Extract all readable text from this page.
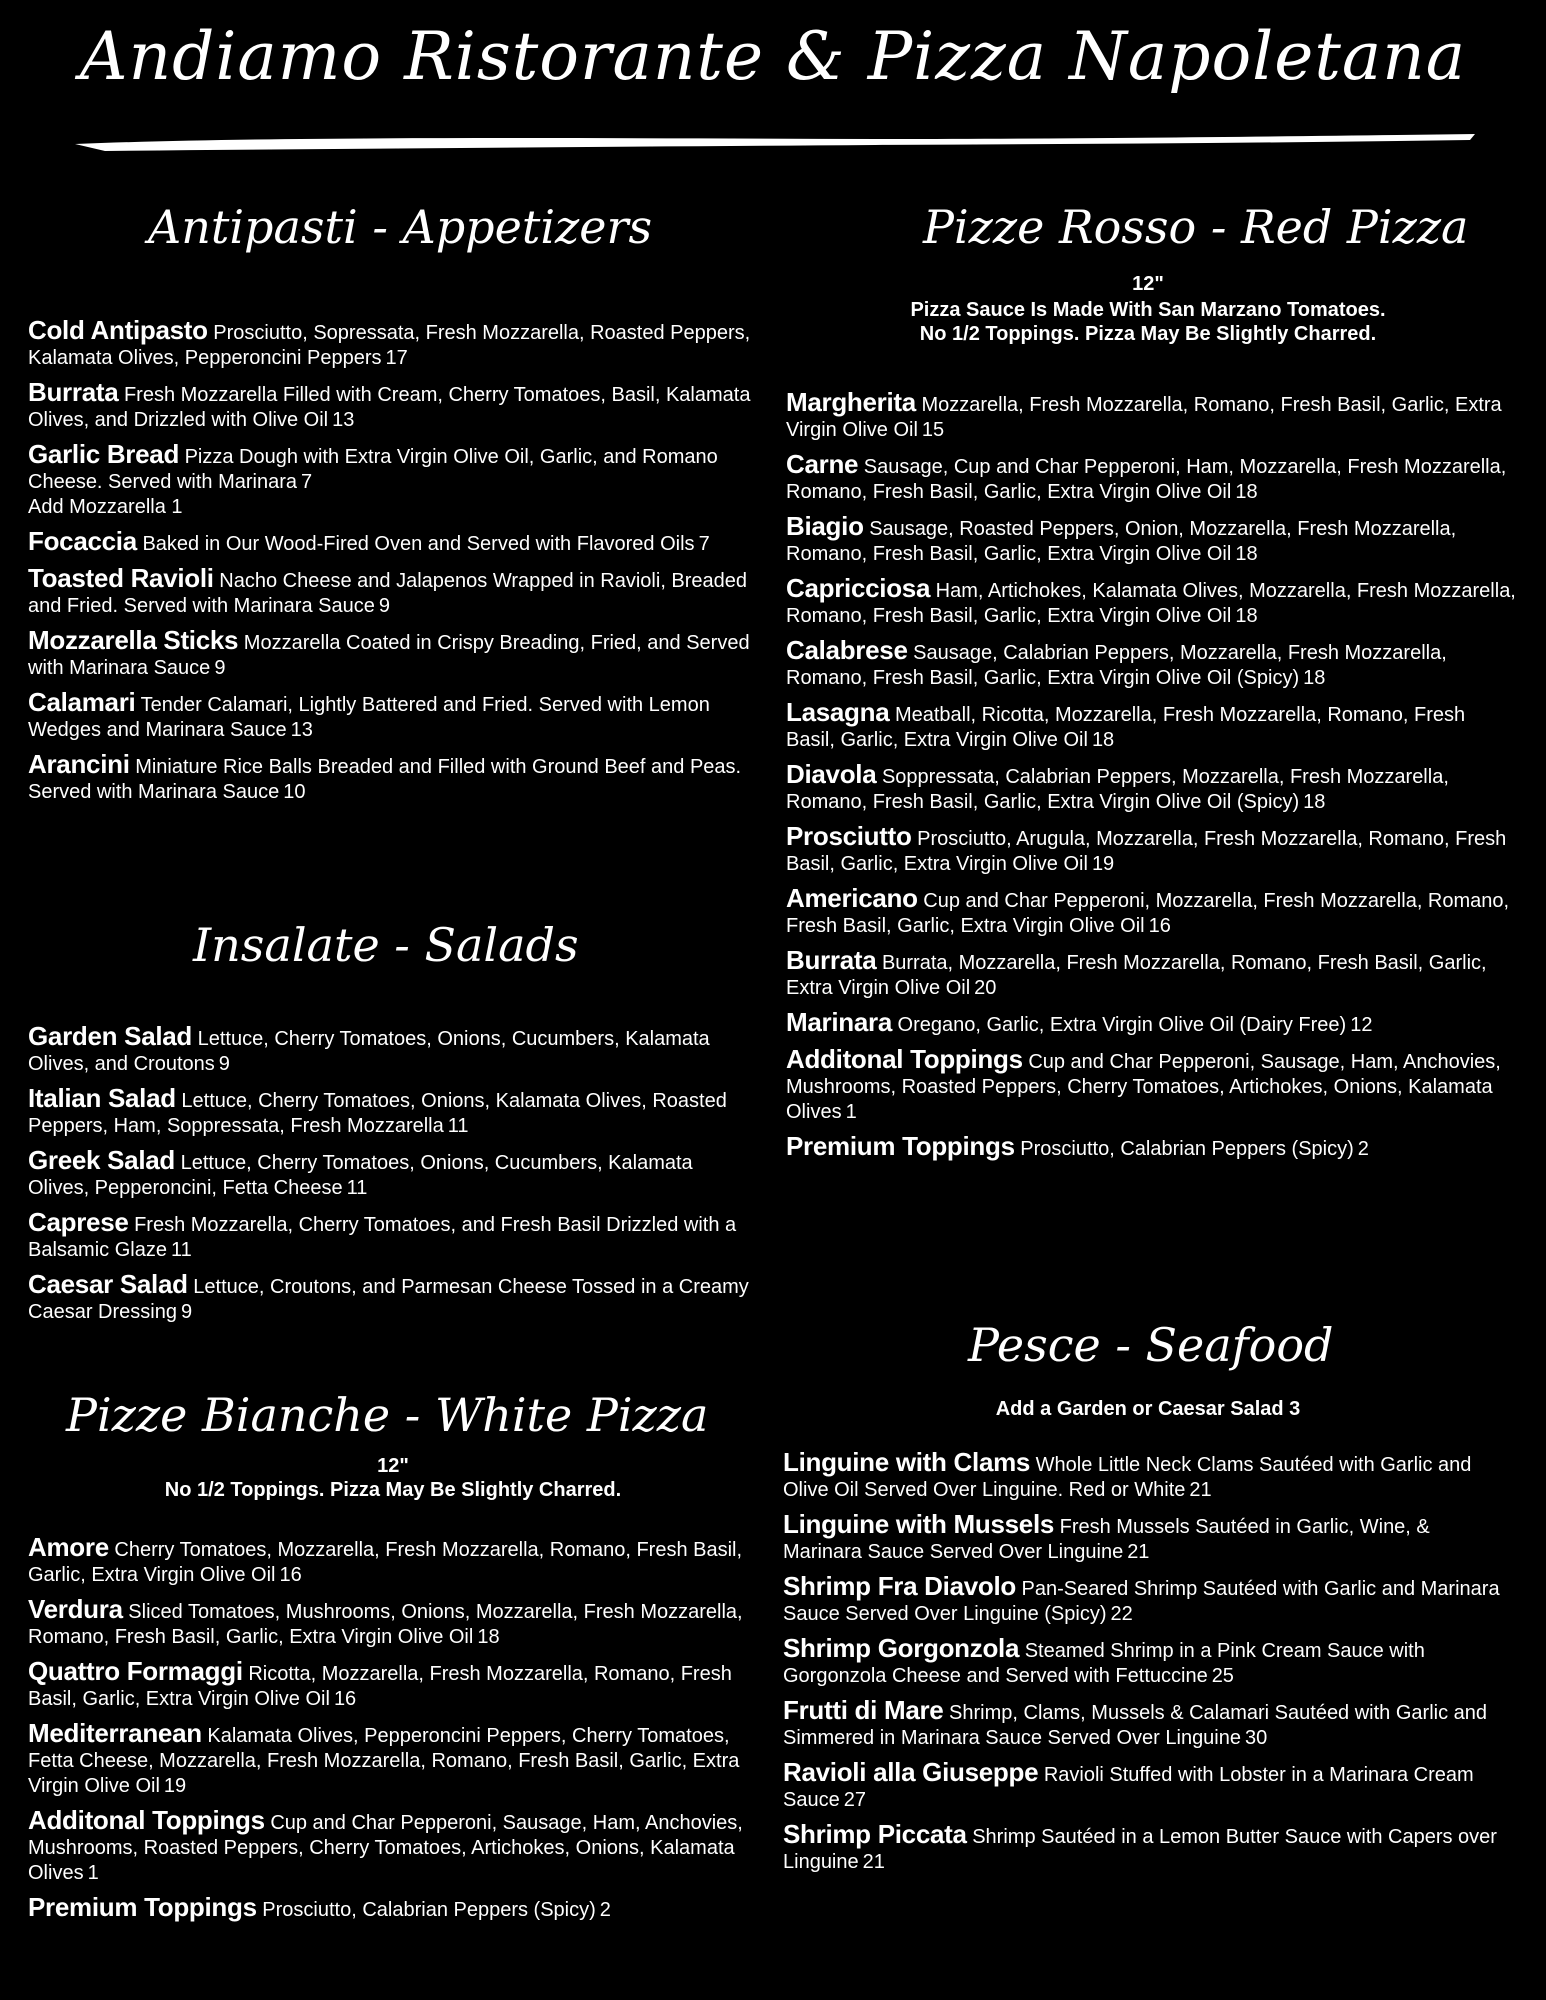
Andiamo Ristorante & Pizza Napoletana
Antipasti - Appetizers
Cold Antipasto Prosciutto, Sopressata, Fresh Mozzarella, Roasted Peppers, Kalamata Olives, Pepperoncini Peppers 17
Burrata Fresh Mozzarella Filled with Cream, Cherry Tomatoes, Basil, Kalamata Olives, and Drizzled with Olive Oil 13
Garlic Bread Pizza Dough with Extra Virgin Olive Oil, Garlic, and Romano Cheese. Served with Marinara 7
Add Mozzarella 1
Focaccia Baked in Our Wood-Fired Oven and Served with Flavored Oils 7
Toasted Ravioli Nacho Cheese and Jalapenos Wrapped in Ravioli, Breaded and Fried. Served with Marinara Sauce 9
Mozzarella Sticks Mozzarella Coated in Crispy Breading, Fried, and Served with Marinara Sauce 9
Calamari Tender Calamari, Lightly Battered and Fried. Served with Lemon Wedges and Marinara Sauce 13
Arancini Miniature Rice Balls Breaded and Filled with Ground Beef and Peas. Served with Marinara Sauce 10
Insalate - Salads
Garden Salad Lettuce, Cherry Tomatoes, Onions, Cucumbers, Kalamata Olives, and Croutons 9
Italian Salad Lettuce, Cherry Tomatoes, Onions, Kalamata Olives, Roasted Peppers, Ham, Soppressata, Fresh Mozzarella 11
Greek Salad Lettuce, Cherry Tomatoes, Onions, Cucumbers, Kalamata Olives, Pepperoncini, Fetta Cheese 11
Caprese Fresh Mozzarella, Cherry Tomatoes, and Fresh Basil Drizzled with a Balsamic Glaze 11
Caesar Salad Lettuce, Croutons, and Parmesan Cheese Tossed in a Creamy Caesar Dressing 9
Pizze Bianche - White Pizza
12"
No 1/2 Toppings. Pizza May Be Slightly Charred.
Amore Cherry Tomatoes, Mozzarella, Fresh Mozzarella, Romano, Fresh Basil, Garlic, Extra Virgin Olive Oil 16
Verdura Sliced Tomatoes, Mushrooms, Onions, Mozzarella, Fresh Mozzarella, Romano, Fresh Basil, Garlic, Extra Virgin Olive Oil 18
Quattro Formaggi Ricotta, Mozzarella, Fresh Mozzarella, Romano, Fresh Basil, Garlic, Extra Virgin Olive Oil 16
Mediterranean Kalamata Olives, Pepperoncini Peppers, Cherry Tomatoes, Fetta Cheese, Mozzarella, Fresh Mozzarella, Romano, Fresh Basil, Garlic, Extra Virgin Olive Oil 19
Additonal Toppings Cup and Char Pepperoni, Sausage, Ham, Anchovies, Mushrooms, Roasted Peppers, Cherry Tomatoes, Artichokes, Onions, Kalamata Olives 1
Premium Toppings Prosciutto, Calabrian Peppers (Spicy) 2
Pizze Rosso - Red Pizza
12"
Pizza Sauce Is Made With San Marzano Tomatoes.
No 1/2 Toppings. Pizza May Be Slightly Charred.
Margherita Mozzarella, Fresh Mozzarella, Romano, Fresh Basil, Garlic, Extra Virgin Olive Oil 15
Carne Sausage, Cup and Char Pepperoni, Ham, Mozzarella, Fresh Mozzarella, Romano, Fresh Basil, Garlic, Extra Virgin Olive Oil 18
Biagio Sausage, Roasted Peppers, Onion, Mozzarella, Fresh Mozzarella, Romano, Fresh Basil, Garlic, Extra Virgin Olive Oil 18
Capricciosa Ham, Artichokes, Kalamata Olives, Mozzarella, Fresh Mozzarella, Romano, Fresh Basil, Garlic, Extra Virgin Olive Oil 18
Calabrese Sausage, Calabrian Peppers, Mozzarella, Fresh Mozzarella, Romano, Fresh Basil, Garlic, Extra Virgin Olive Oil (Spicy) 18
Lasagna Meatball, Ricotta, Mozzarella, Fresh Mozzarella, Romano, Fresh Basil, Garlic, Extra Virgin Olive Oil 18
Diavola Soppressata, Calabrian Peppers, Mozzarella, Fresh Mozzarella, Romano, Fresh Basil, Garlic, Extra Virgin Olive Oil (Spicy) 18
Prosciutto Prosciutto, Arugula, Mozzarella, Fresh Mozzarella, Romano, Fresh Basil, Garlic, Extra Virgin Olive Oil 19
Americano Cup and Char Pepperoni, Mozzarella, Fresh Mozzarella, Romano, Fresh Basil, Garlic, Extra Virgin Olive Oil 16
Burrata Burrata, Mozzarella, Fresh Mozzarella, Romano, Fresh Basil, Garlic, Extra Virgin Olive Oil 20
Marinara Oregano, Garlic, Extra Virgin Olive Oil (Dairy Free) 12
Additonal Toppings Cup and Char Pepperoni, Sausage, Ham, Anchovies, Mushrooms, Roasted Peppers, Cherry Tomatoes, Artichokes, Onions, Kalamata Olives 1
Premium Toppings Prosciutto, Calabrian Peppers (Spicy) 2
Pesce - Seafood
Add a Garden or Caesar Salad 3
Linguine with Clams Whole Little Neck Clams Sautéed with Garlic and Olive Oil Served Over Linguine. Red or White 21
Linguine with Mussels Fresh Mussels Sautéed in Garlic, Wine, & Marinara Sauce Served Over Linguine 21
Shrimp Fra Diavolo Pan-Seared Shrimp Sautéed with Garlic and Marinara Sauce Served Over Linguine (Spicy) 22
Shrimp Gorgonzola Steamed Shrimp in a Pink Cream Sauce with Gorgonzola Cheese and Served with Fettuccine 25
Frutti di Mare Shrimp, Clams, Mussels & Calamari Sautéed with Garlic and Simmered in Marinara Sauce Served Over Linguine 30
Ravioli alla Giuseppe Ravioli Stuffed with Lobster in a Marinara Cream Sauce 27
Shrimp Piccata Shrimp Sautéed in a Lemon Butter Sauce with Capers over Linguine 21
